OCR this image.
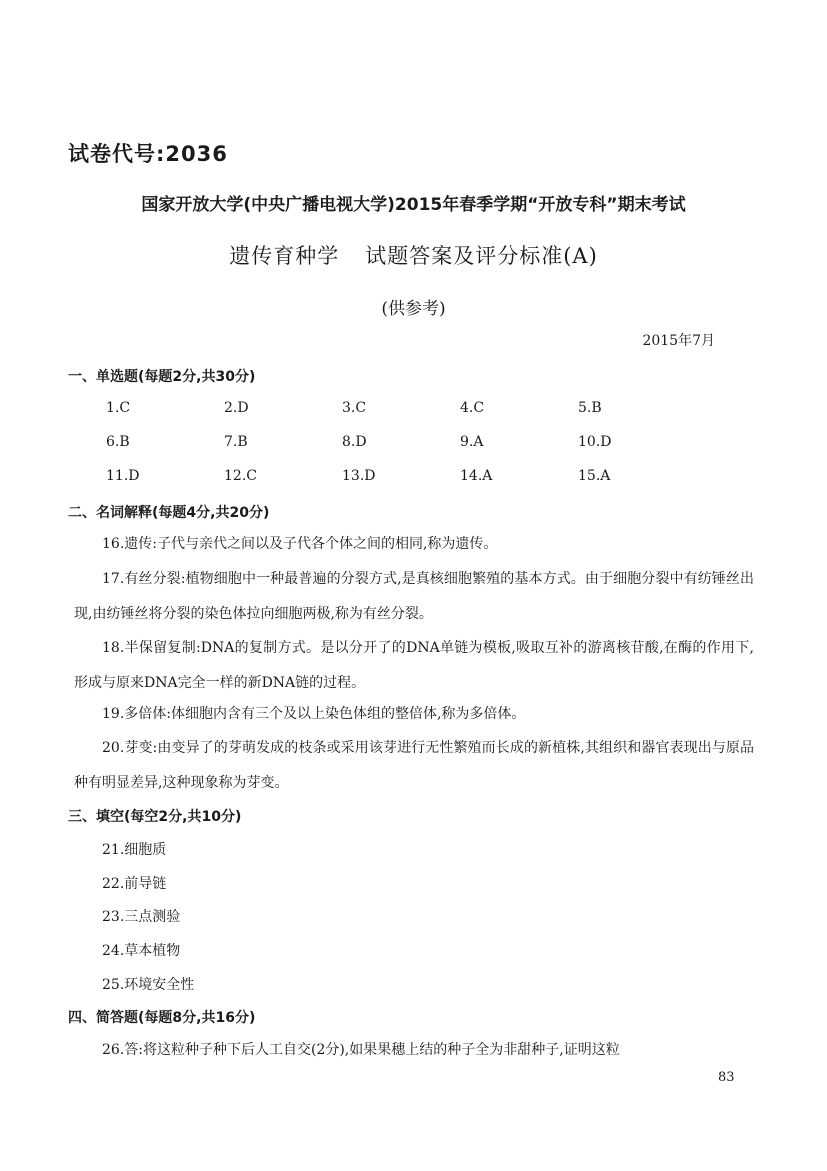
试卷代号:2036
国家开放大学(中央广播电视大学)2015年春季学期“开放专科”期末考试
遗传育种学 试题答案及评分标准(A)
(供参考)
2015年7月
一、单选题(每题2分,共30分)
1.C	2.D	3.C	4.C	5.B
6.B	7.B	8.D	9.A	10.D
11.D	12.C	13.D	14.A	15.A
二、名词解释(每题4分,共20分)

16.遗传:子代与亲代之间以及子代各个体之间的相同,称为遗传。

17.有丝分裂:植物细胞中一种最普遍的分裂方式,是真核细胞繁殖的基本方式。由于细胞分裂中有纺锤丝出现,由纺锤丝将分裂的染色体拉向细胞两极,称为有丝分裂。

18.半保留复制:DNA的复制方式。是以分开了的DNA单链为模板,吸取互补的游离核苷酸,在酶的作用下,形成与原来DNA完全一样的新DNA链的过程。

19.多倍体:体细胞内含有三个及以上染色体组的整倍体,称为多倍体。

20.芽变:由变异了的芽萌发成的枝条或采用该芽进行无性繁殖而长成的新植株,其组织和器官表现出与原品种有明显差异,这种现象称为芽变。

三、填空(每空2分,共10分)
21.细胞质
22.前导链
23.三点测验
24.草本植物
25.环境安全性
四、简答题(每题8分,共16分)

26.答:将这粒种子种下后人工自交(2分),如果果穗上结的种子全为非甜种子,证明这粒

83
